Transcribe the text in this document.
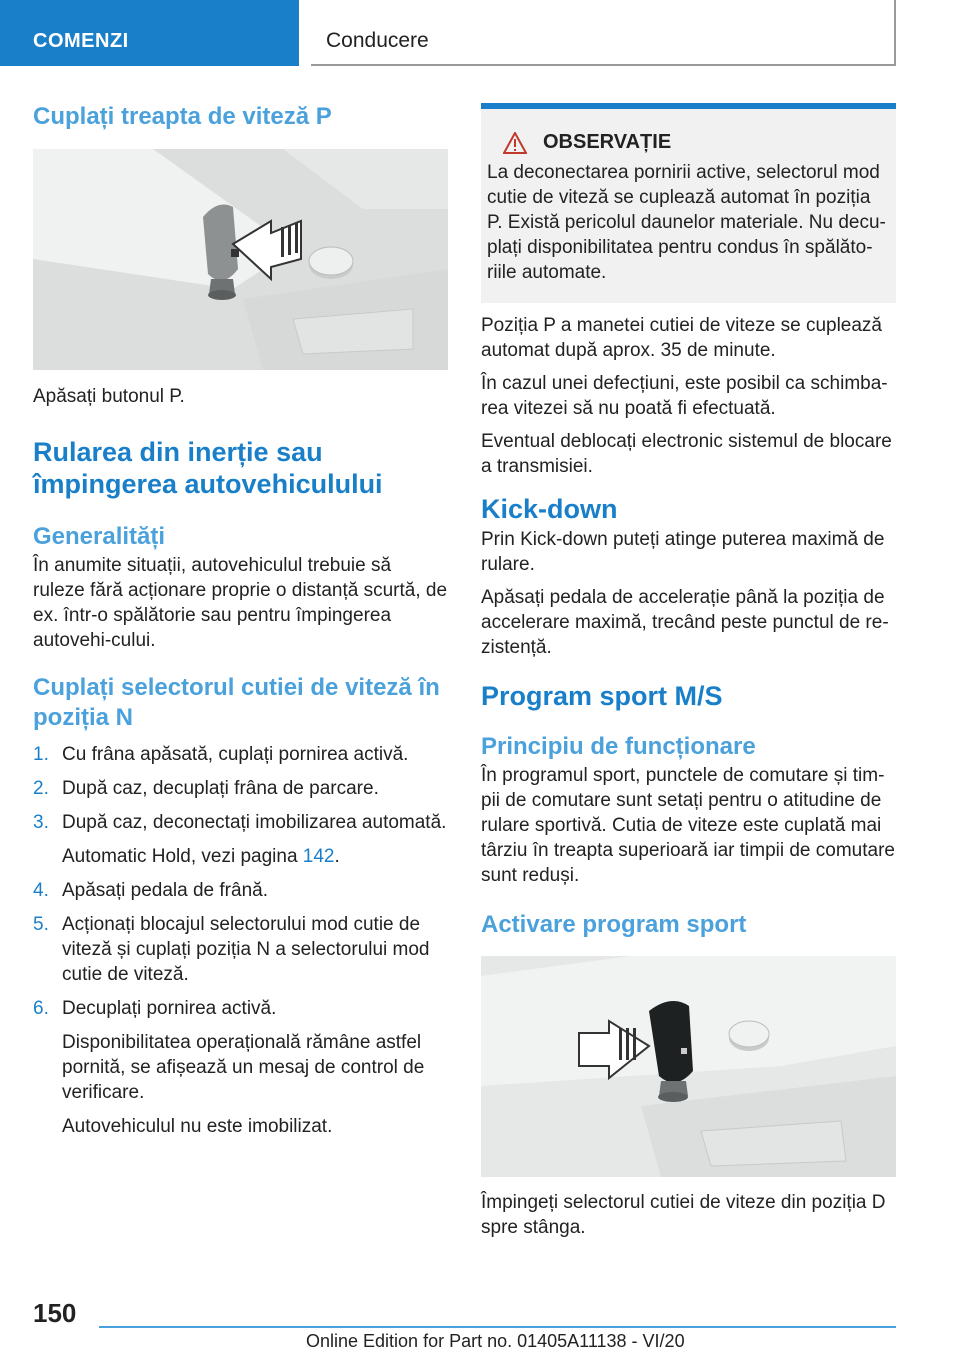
COMENZI	Conducere
Cuplați treapta de viteză P

Apăsați butonul P.

Rularea din inerție sau împingerea autovehiculului
Generalități

În anumite situații, autovehiculul trebuie să ruleze fără acționare proprie o distanță scurtă, de ex. într-o spălătorie sau pentru împingerea autovehi-cului.

Cuplați selectorul cutiei de viteză în poziția N
1. Cu frâna apăsată, cuplați pornirea activă.
2. După caz, decuplați frâna de parcare.
3. După caz, deconectați imobilizarea automată.
Automatic Hold, vezi pagina 142.
4. Apăsați pedala de frână.
5. Acționați blocajul selectorului mod cutie de viteză și cuplați poziția N a selectorului mod cutie de viteză.
6. Decuplați pornirea activă.
Disponibilitatea operațională rămâne astfel pornită, se afișează un mesaj de control de verificare.
Autovehiculul nu este imobilizat.
OBSERVAȚIE

La deconectarea pornirii active, selectorul mod cutie de viteză se cuplează automat în poziția P. Există pericolul daunelor materiale. Nu decu-plați disponibilitatea pentru condus în spălăto-riile automate.

Poziția P a manetei cutiei de viteze se cuplează automat după aprox. 35 de minute.

În cazul unei defecțiuni, este posibil ca schimba-rea vitezei să nu poată fi efectuată.

Eventual deblocați electronic sistemul de blocare a transmisiei.

Kick-down

Prin Kick-down puteți atinge puterea maximă de rulare.

Apăsați pedala de accelerație până la poziția de accelerare maximă, trecând peste punctul de re-zistență.

Program sport M/S
Principiu de funcționare

În programul sport, punctele de comutare și tim-pii de comutare sunt setați pentru o atitudine de rulare sportivă. Cutia de viteze este cuplată mai târziu în treapta superioară iar timpii de comutare sunt reduși.

Activare program sport

Împingeți selectorul cutiei de viteze din poziția D spre stânga.

150
Online Edition for Part no. 01405A11138 - VI/20
